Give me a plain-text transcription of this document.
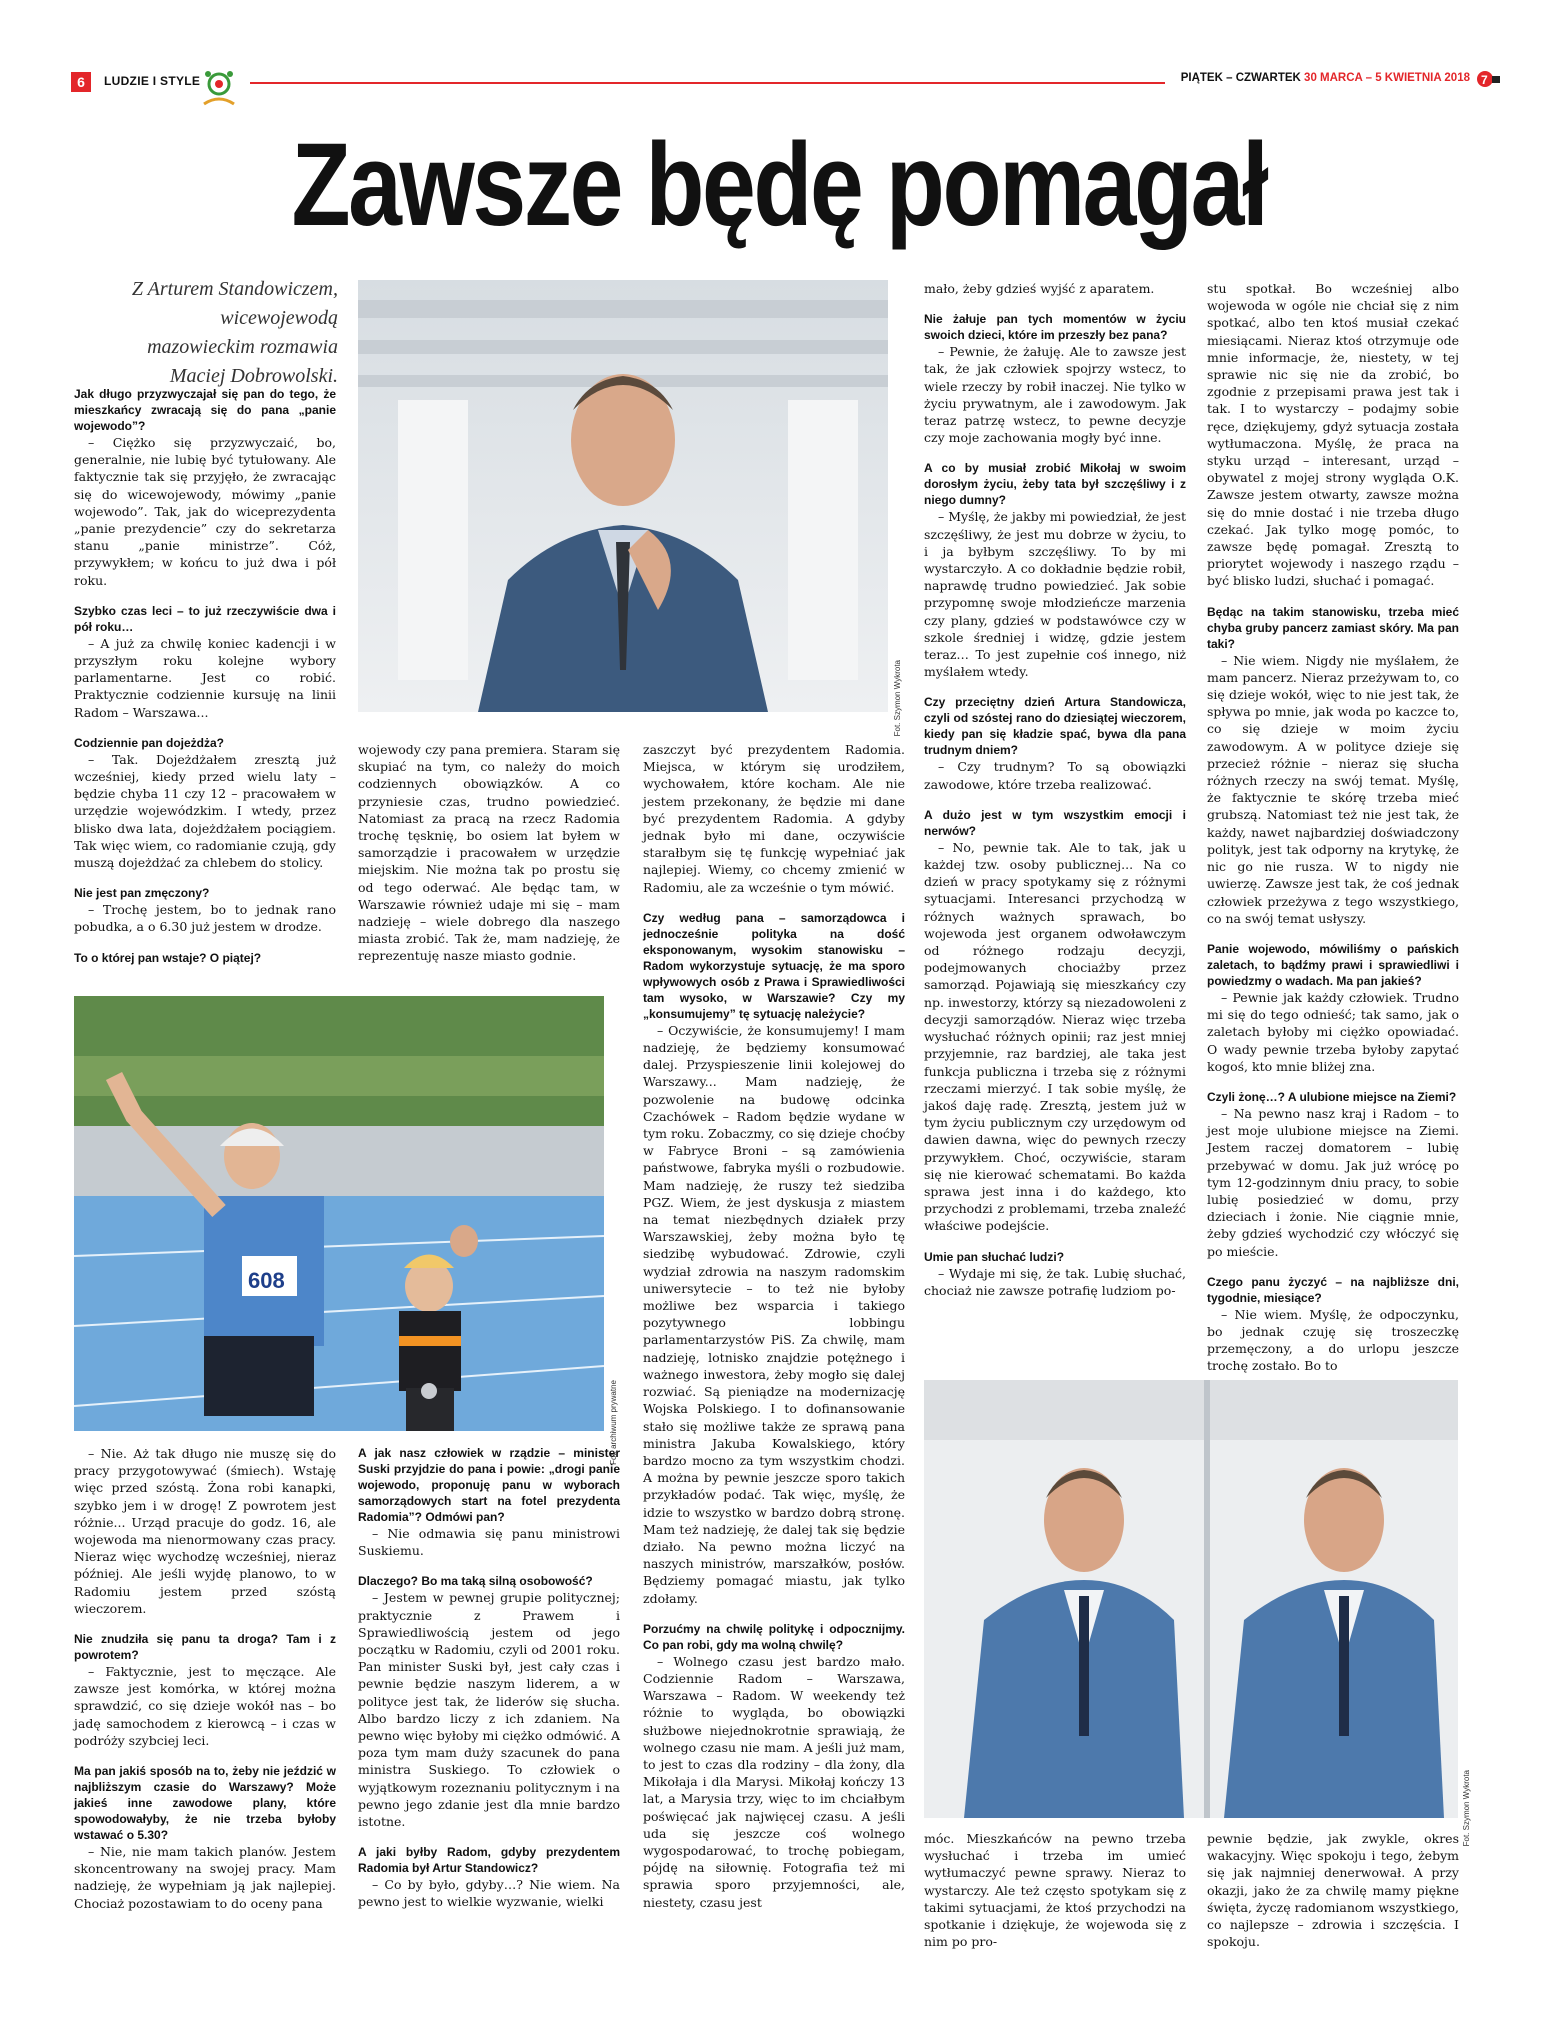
6	LUDZIE I STYLE	PIĄTEK – CZWARTEK 30 MARCA – 5 KWIETNIA 2018 7
Zawsze będę pomagał
Z Arturem Standowiczem, wicewojewodą mazowieckim rozmawia Maciej Dobrowolski.
Fot. Szymon Wykrota
608
Fot. archiwum prywatne
Fot. Szymon Wykrota

Jak długo przyzwyczajał się pan do tego, że mieszkańcy zwracają się do pana „panie wojewodo”?

– Ciężko się przyzwyczaić, bo, generalnie, nie lubię być tytułowany. Ale faktycznie tak się przyjęło, że zwracając się do wicewojewody, mówimy „panie wojewodo”. Tak, jak do wiceprezydenta „panie prezydencie” czy do sekretarza stanu „panie ministrze”. Cóż, przywykłem; w końcu to już dwa i pół roku.

Szybko czas leci – to już rzeczywiście dwa i pół roku…

– A już za chwilę koniec kadencji i w przyszłym roku kolejne wybory parlamentarne. Jest co robić. Praktycznie codziennie kursuję na linii Radom – Warszawa...

Codziennie pan dojeżdża?

– Tak. Dojeżdżałem zresztą już wcześniej, kiedy przed wielu laty – będzie chyba 11 czy 12 – pracowałem w urzędzie wojewódzkim. I wtedy, przez blisko dwa lata, dojeżdżałem pociągiem. Tak więc wiem, co radomianie czują, gdy muszą dojeżdżać za chlebem do stolicy.

Nie jest pan zmęczony?

– Trochę jestem, bo to jednak rano pobudka, a o 6.30 już jestem w drodze.

To o której pan wstaje? O piątej?

wojewody czy pana premiera. Staram się skupiać na tym, co należy do moich codziennych obowiązków. A co przyniesie czas, trudno powiedzieć. Natomiast za pracą na rzecz Radomia trochę tęsknię, bo osiem lat byłem w samorządzie i pracowałem w urzędzie miejskim. Nie można tak po prostu się od tego oderwać. Ale będąc tam, w Warszawie również udaje mi się – mam nadzieję – wiele dobrego dla naszego miasta zrobić. Tak że, mam nadzieję, że reprezentuję nasze miasto godnie.

zaszczyt być prezydentem Radomia. Miejsca, w którym się urodziłem, wychowałem, które kocham. Ale nie jestem przekonany, że będzie mi dane być prezydentem Radomia. A gdyby jednak było mi dane, oczywiście starałbym się tę funkcję wypełniać jak najlepiej. Wiemy, co chcemy zmienić w Radomiu, ale za wcześnie o tym mówić.

Czy według pana – samorządowca i jednocześnie polityka na dość eksponowanym, wysokim stanowisku – Radom wykorzystuje sytuację, że ma sporo wpływowych osób z Prawa i Sprawiedliwości tam wysoko, w Warszawie? Czy my „konsumujemy” tę sytuację należycie?

– Oczywiście, że konsumujemy! I mam nadzieję, że będziemy konsumować dalej. Przyspieszenie linii kolejowej do Warszawy... Mam nadzieję, że pozwolenie na budowę odcinka Czachówek – Radom będzie wydane w tym roku. Zobaczmy, co się dzieje choćby w Fabryce Broni – są zamówienia państwowe, fabryka myśli o rozbudowie. Mam nadzieję, że ruszy też siedziba PGZ. Wiem, że jest dyskusja z miastem na temat niezbędnych działek przy Warszawskiej, żeby można było tę siedzibę wybudować. Zdrowie, czyli wydział zdrowia na naszym radomskim uniwersytecie – to też nie byłoby możliwe bez wsparcia i takiego pozytywnego lobbingu parlamentarzystów PiS. Za chwilę, mam nadzieję, lotnisko znajdzie potężnego i ważnego inwestora, żeby mogło się dalej rozwiać. Są pieniądze na modernizację Wojska Polskiego. I to dofinansowanie stało się możliwe także ze sprawą pana ministra Jakuba Kowalskiego, który bardzo mocno za tym wszystkim chodzi. A można by pewnie jeszcze sporo takich przykładów podać. Tak więc, myślę, że idzie to wszystko w bardzo dobrą stronę. Mam też nadzieję, że dalej tak się będzie działo. Na pewno można liczyć na naszych ministrów, marszałków, posłów. Będziemy pomagać miastu, jak tylko zdołamy.

Porzućmy na chwilę politykę i odpocznijmy. Co pan robi, gdy ma wolną chwilę?

– Wolnego czasu jest bardzo mało. Codziennie Radom – Warszawa, Warszawa – Radom. W weekendy też różnie to wygląda, bo obowiązki służbowe niejednokrotnie sprawiają, że wolnego czasu nie mam. A jeśli już mam, to jest to czas dla rodziny – dla żony, dla Mikołaja i dla Marysi. Mikołaj kończy 13 lat, a Marysia trzy, więc to im chciałbym poświęcać jak najwięcej czasu. A jeśli uda się jeszcze coś wolnego wygospodarować, to trochę pobiegam, pójdę na siłownię. Fotografia też mi sprawia sporo przyjemności, ale, niestety, czasu jest

mało, żeby gdzieś wyjść z aparatem.

Nie żałuje pan tych momentów w życiu swoich dzieci, które im przeszły bez pana?

– Pewnie, że żałuję. Ale to zawsze jest tak, że jak człowiek spojrzy wstecz, to wiele rzeczy by robił inaczej. Nie tylko w życiu prywatnym, ale i zawodowym. Jak teraz patrzę wstecz, to pewne decyzje czy moje zachowania mogły być inne.

A co by musiał zrobić Mikołaj w swoim dorosłym życiu, żeby tata był szczęśliwy i z niego dumny?

– Myślę, że jakby mi powiedział, że jest szczęśliwy, że jest mu dobrze w życiu, to i ja byłbym szczęśliwy. To by mi wystarczyło. A co dokładnie będzie robił, naprawdę trudno powiedzieć. Jak sobie przypomnę swoje młodzieńcze marzenia czy plany, gdzieś w podstawówce czy w szkole średniej i widzę, gdzie jestem teraz… To jest zupełnie coś innego, niż myślałem wtedy.

Czy przeciętny dzień Artura Standowicza, czyli od szóstej rano do dziesiątej wieczorem, kiedy pan się kładzie spać, bywa dla pana trudnym dniem?

– Czy trudnym? To są obowiązki zawodowe, które trzeba realizować.

A dużo jest w tym wszystkim emocji i nerwów?

– No, pewnie tak. Ale to tak, jak u każdej tzw. osoby publicznej... Na co dzień w pracy spotykamy się z różnymi sytuacjami. Interesanci przychodzą w różnych ważnych sprawach, bo wojewoda jest organem odwoławczym od różnego rodzaju decyzji, podejmowanych chociażby przez samorząd. Pojawiają się mieszkańcy czy np. inwestorzy, którzy są niezadowoleni z decyzji samorządów. Nieraz więc trzeba wysłuchać różnych opinii; raz jest mniej przyjemnie, raz bardziej, ale taka jest funkcja publiczna i trzeba się z różnymi rzeczami mierzyć. I tak sobie myślę, że jakoś daję radę. Zresztą, jestem już w tym życiu publicznym czy urzędowym od dawien dawna, więc do pewnych rzeczy przywykłem. Choć, oczywiście, staram się nie kierować schematami. Bo każda sprawa jest inna i do każdego, kto przychodzi z problemami, trzeba znaleźć właściwe podejście.

Umie pan słuchać ludzi?

– Wydaje mi się, że tak. Lubię słuchać, chociaż nie zawsze potrafię ludziom po-

stu spotkał. Bo wcześniej albo wojewoda w ogóle nie chciał się z nim spotkać, albo ten ktoś musiał czekać miesiącami. Nieraz ktoś otrzymuje ode mnie informacje, że, niestety, w tej sprawie nic się nie da zrobić, bo zgodnie z przepisami prawa jest tak i tak. I to wystarczy – podajmy sobie ręce, dziękujemy, gdyż sytuacja została wytłumaczona. Myślę, że praca na styku urząd – interesant, urząd – obywatel z mojej strony wygląda O.K. Zawsze jestem otwarty, zawsze można się do mnie dostać i nie trzeba długo czekać. Jak tylko mogę pomóc, to zawsze będę pomagał. Zresztą to priorytet wojewody i naszego rządu – być blisko ludzi, słuchać i pomagać.

Będąc na takim stanowisku, trzeba mieć chyba gruby pancerz zamiast skóry. Ma pan taki?

– Nie wiem. Nigdy nie myślałem, że mam pancerz. Nieraz przeżywam to, co się dzieje wokół, więc to nie jest tak, że spływa po mnie, jak woda po kaczce to, co się dzieje w moim życiu zawodowym. A w polityce dzieje się przecież różnie – nieraz się słucha różnych rzeczy na swój temat. Myślę, że faktycznie te skórę trzeba mieć grubszą. Natomiast też nie jest tak, że każdy, nawet najbardziej doświadczony polityk, jest tak odporny na krytykę, że nic go nie rusza. W to nigdy nie uwierzę. Zawsze jest tak, że coś jednak człowiek przeżywa z tego wszystkiego, co na swój temat usłyszy.

Panie wojewodo, mówiliśmy o pańskich zaletach, to bądźmy prawi i sprawiedliwi i powiedzmy o wadach. Ma pan jakieś?

– Pewnie jak każdy człowiek. Trudno mi się do tego odnieść; tak samo, jak o zaletach byłoby mi ciężko opowiadać. O wady pewnie trzeba byłoby zapytać kogoś, kto mnie bliżej zna.

Czyli żonę…? A ulubione miejsce na Ziemi?

– Na pewno nasz kraj i Radom – to jest moje ulubione miejsce na Ziemi. Jestem raczej domatorem – lubię przebywać w domu. Jak już wrócę po tym 12-godzinnym dniu pracy, to sobie lubię posiedzieć w domu, przy dzieciach i żonie. Nie ciągnie mnie, żeby gdzieś wychodzić czy włóczyć się po mieście.

Czego panu życzyć – na najbliższe dni, tygodnie, miesiące?

– Nie wiem. Myślę, że odpoczynku, bo jednak czuję się troszeczkę przemęczony, a do urlopu jeszcze trochę zostało. Bo to

– Nie. Aż tak długo nie muszę się do pracy przygotowywać (śmiech). Wstaję więc przed szóstą. Żona robi kanapki, szybko jem i w drogę! Z powrotem jest różnie... Urząd pracuje do godz. 16, ale wojewoda ma nienormowany czas pracy. Nieraz więc wychodzę wcześniej, nieraz później. Ale jeśli wyjdę planowo, to w Radomiu jestem przed szóstą wieczorem.

Nie znudziła się panu ta droga? Tam i z powrotem?

– Faktycznie, jest to męczące. Ale zawsze jest komórka, w której można sprawdzić, co się dzieje wokół nas – bo jadę samochodem z kierowcą – i czas w podróży szybciej leci.

Ma pan jakiś sposób na to, żeby nie jeździć w najbliższym czasie do Warszawy? Może jakieś inne zawodowe plany, które spowodowałyby, że nie trzeba byłoby wstawać o 5.30?

– Nie, nie mam takich planów. Jestem skoncentrowany na swojej pracy. Mam nadzieję, że wypełniam ją jak najlepiej. Chociaż pozostawiam to do oceny pana

A jak nasz człowiek w rządzie – minister Suski przyjdzie do pana i powie: „drogi panie wojewodo, proponuję panu w wyborach samorządowych start na fotel prezydenta Radomia”? Odmówi pan?

– Nie odmawia się panu ministrowi Suskiemu.

Dlaczego? Bo ma taką silną osobowość?

– Jestem w pewnej grupie politycznej; praktycznie z Prawem i Sprawiedliwością jestem od jego początku w Radomiu, czyli od 2001 roku. Pan minister Suski był, jest cały czas i pewnie będzie naszym liderem, a w polityce jest tak, że liderów się słucha. Albo bardzo liczy z ich zdaniem. Na pewno więc byłoby mi ciężko odmówić. A poza tym mam duży szacunek do pana ministra Suskiego. To człowiek o wyjątkowym rozeznaniu politycznym i na pewno jego zdanie jest dla mnie bardzo istotne.

A jaki byłby Radom, gdyby prezydentem Radomia był Artur Standowicz?

– Co by było, gdyby…? Nie wiem. Na pewno jest to wielkie wyzwanie, wielki

móc. Mieszkańców na pewno trzeba wysłuchać i trzeba im umieć wytłumaczyć pewne sprawy. Nieraz to wystarczy. Ale też często spotykam się z takimi sytuacjami, że ktoś przychodzi na spotkanie i dziękuje, że wojewoda się z nim po pro-

pewnie będzie, jak zwykle, okres wakacyjny. Więc spokoju i tego, żebym się jak najmniej denerwował. A przy okazji, jako że za chwilę mamy piękne święta, życzę radomianom wszystkiego, co najlepsze – zdrowia i szczęścia. I spokoju.
